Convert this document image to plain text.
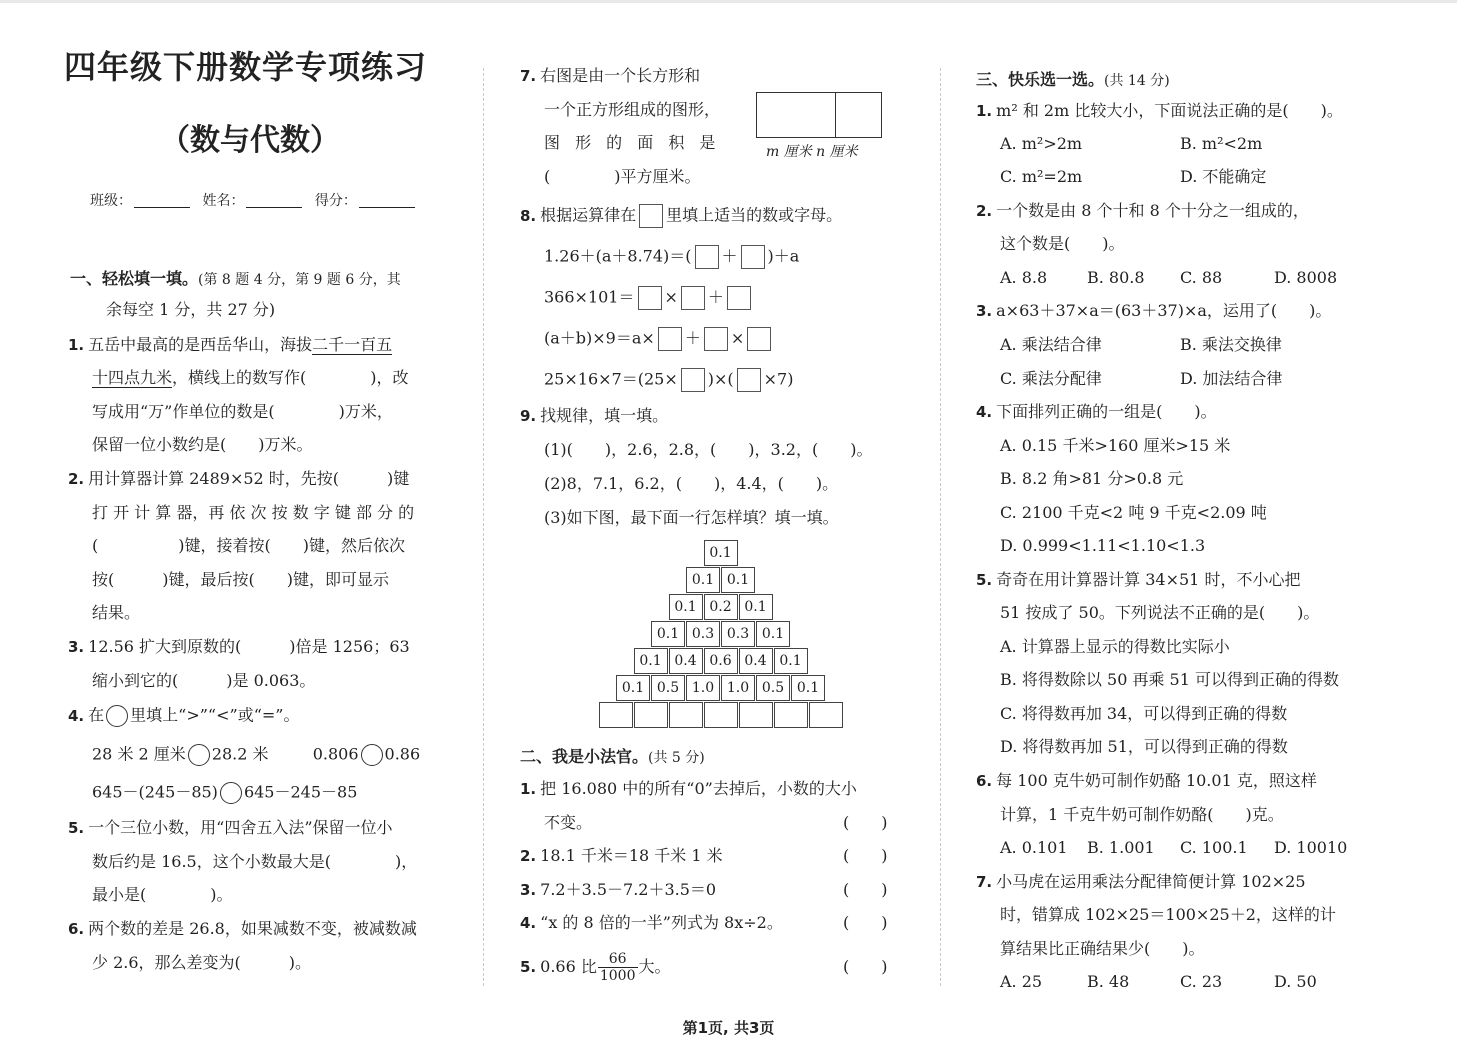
四年级下册数学专项练习
（数与代数）
班级：	姓名：	得分：
一、轻松填一填。(第 8 题 4 分，第 9 题 6 分，其
余每空 1 分，共 27 分)
1. 五岳中最高的是西岳华山，海拔二千一百五
十四点九米，横线上的数写作(　　　　)，改
写成用“万”作单位的数是(　　　　)万米，
保留一位小数约是(　　)万米。
2. 用计算器计算 2489×52 时，先按(　　　)键
打 开 计 算 器，再 依 次 按 数 字 键 部 分 的
(　　　　　)键，接着按(　　)键，然后依次
按(　　　)键，最后按(　　)键，即可显示
结果。
3. 12.56 扩大到原数的(　　　)倍是 1256；63
缩小到它的(　　　)是 0.063。
4. 在 里填上“>”“<”或“=”。
28 米 2 厘米 28.2 米	0.806 0.86
645－(245－85) 645－245－85
5. 一个三位小数，用“四舍五入法”保留一位小
数后约是 16.5，这个小数最大是(　　　　)，
最小是(　　　　)。
6. 两个数的差是 26.8，如果减数不变，被减数减
少 2.6，那么差变为(　　　)。
7. 右图是由一个长方形和
一个正方形组成的图形，
图 形 的 面 积 是
(　　　　)平方厘米。
m 厘米 n 厘米
8. 根据运算律在 里填上适当的数或字母。
1.26＋(a＋8.74)＝( ＋ )＋a
366×101＝ × ＋
(a＋b)×9＝a× ＋ ×
25×16×7＝(25× )×( ×7)
9. 找规律，填一填。
(1)(　　)，2.6，2.8，(　　)，3.2，(　　)。
(2)8，7.1，6.2，(　　)，4.4，(　　)。
(3)如下图，最下面一行怎样填？填一填。
0.1
0.1 0.1
0.1 0.2 0.1
0.1 0.3 0.3 0.1
0.1 0.4 0.6 0.4 0.1
0.1 0.5 1.0 1.0 0.5 0.1
二、我是小法官。(共 5 分)
1. 把 16.080 中的所有“0”去掉后，小数的大小
不变。	(　　)
2. 18.1 千米＝18 千米 1 米	(　　)
3. 7.2＋3.5－7.2＋3.5＝0	(　　)
4. “x 的 8 倍的一半”列式为 8x÷2。	(　　)
5. 0.66 比 $\frac{66}{1000}$ 大。	(　　)
三、快乐选一选。(共 14 分)
1. m² 和 2m 比较大小，下面说法正确的是(　　)。
A. m²>2m	B. m²<2m
C. m²=2m	D. 不能确定
2. 一个数是由 8 个十和 8 个十分之一组成的，
这个数是(　　)。
A. 8.8 B. 80.8 C. 88	D. 8008
3. a×63＋37×a＝(63＋37)×a，运用了(　　)。
A. 乘法结合律	B. 乘法交换律
C. 乘法分配律	D. 加法结合律
4. 下面排列正确的一组是(　　)。
A. 0.15 千米>160 厘米>15 米
B. 8.2 角>81 分>0.8 元
C. 2100 千克<2 吨 9 千克<2.09 吨
D. 0.999<1.11<1.10<1.3
5. 奇奇在用计算器计算 34×51 时，不小心把
51 按成了 50。下列说法不正确的是(　　)。
A. 计算器上显示的得数比实际小
B. 将得数除以 50 再乘 51 可以得到正确的得数
C. 将得数再加 34，可以得到正确的得数
D. 将得数再加 51，可以得到正确的得数
6. 每 100 克牛奶可制作奶酪 10.01 克，照这样
计算，1 千克牛奶可制作奶酪(　　)克。
A. 0.101 B. 1.001 C. 100.1 D. 10010
7. 小马虎在运用乘法分配律简便计算 102×25
时，错算成 102×25＝100×25＋2，这样的计
算结果比正确结果少(　　)。
A. 25	B. 48	C. 23	D. 50
第1页, 共3页
